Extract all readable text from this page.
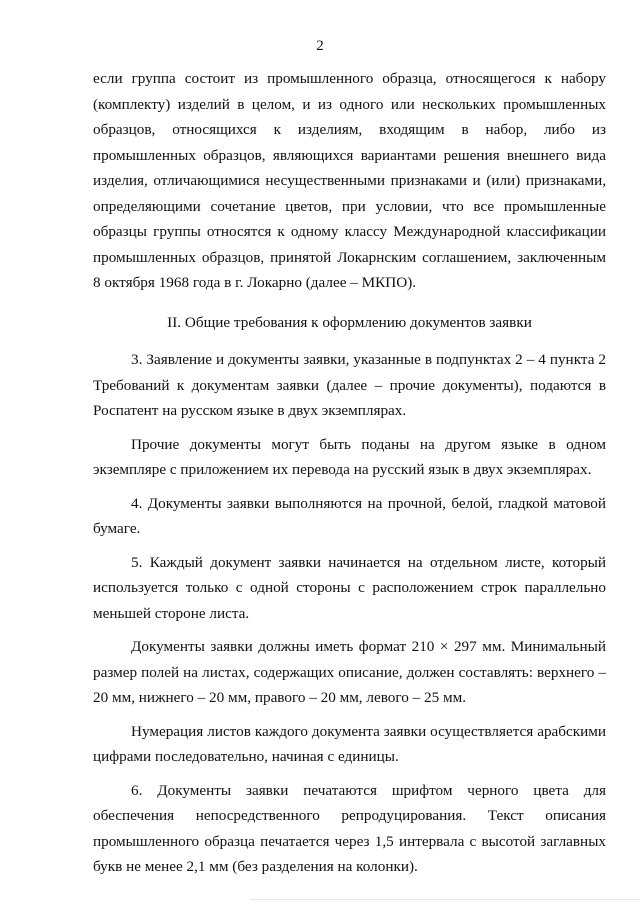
2

если группа состоит из промышленного образца, относящегося к набору (комплекту) изделий в целом, и из одного или нескольких промышленных образцов, относящихся к изделиям, входящим в набор, либо из промышленных образцов, являющихся вариантами решения внешнего вида изделия, отличающимися несущественными признаками и (или) признаками, определяющими сочетание цветов, при условии, что все промышленные образцы группы относятся к одному классу Международной классификации промышленных образцов, принятой Локарнским соглашением, заключенным 8 октября 1968 года в г. Локарно (далее – МКПО).

II. Общие требования к оформлению документов заявки

3. Заявление и документы заявки, указанные в подпунктах 2 – 4 пункта 2 Требований к документам заявки (далее – прочие документы), подаются в Роспатент на русском языке в двух экземплярах.

Прочие документы могут быть поданы на другом языке в одном экземпляре с приложением их перевода на русский язык в двух экземплярах.

4. Документы заявки выполняются на прочной, белой, гладкой матовой бумаге.

5. Каждый документ заявки начинается на отдельном листе, который используется только с одной стороны с расположением строк параллельно меньшей стороне листа.

Документы заявки должны иметь формат 210 × 297 мм. Минимальный размер полей на листах, содержащих описание, должен составлять: верхнего – 20 мм, нижнего – 20 мм, правого – 20 мм, левого – 25 мм.

Нумерация листов каждого документа заявки осуществляется арабскими цифрами последовательно, начиная с единицы.

6. Документы заявки печатаются шрифтом черного цвета для обеспечения непосредственного репродуцирования. Текст описания промышленного образца печатается через 1,5 интервала с высотой заглавных букв не менее 2,1 мм (без разделения на колонки).
